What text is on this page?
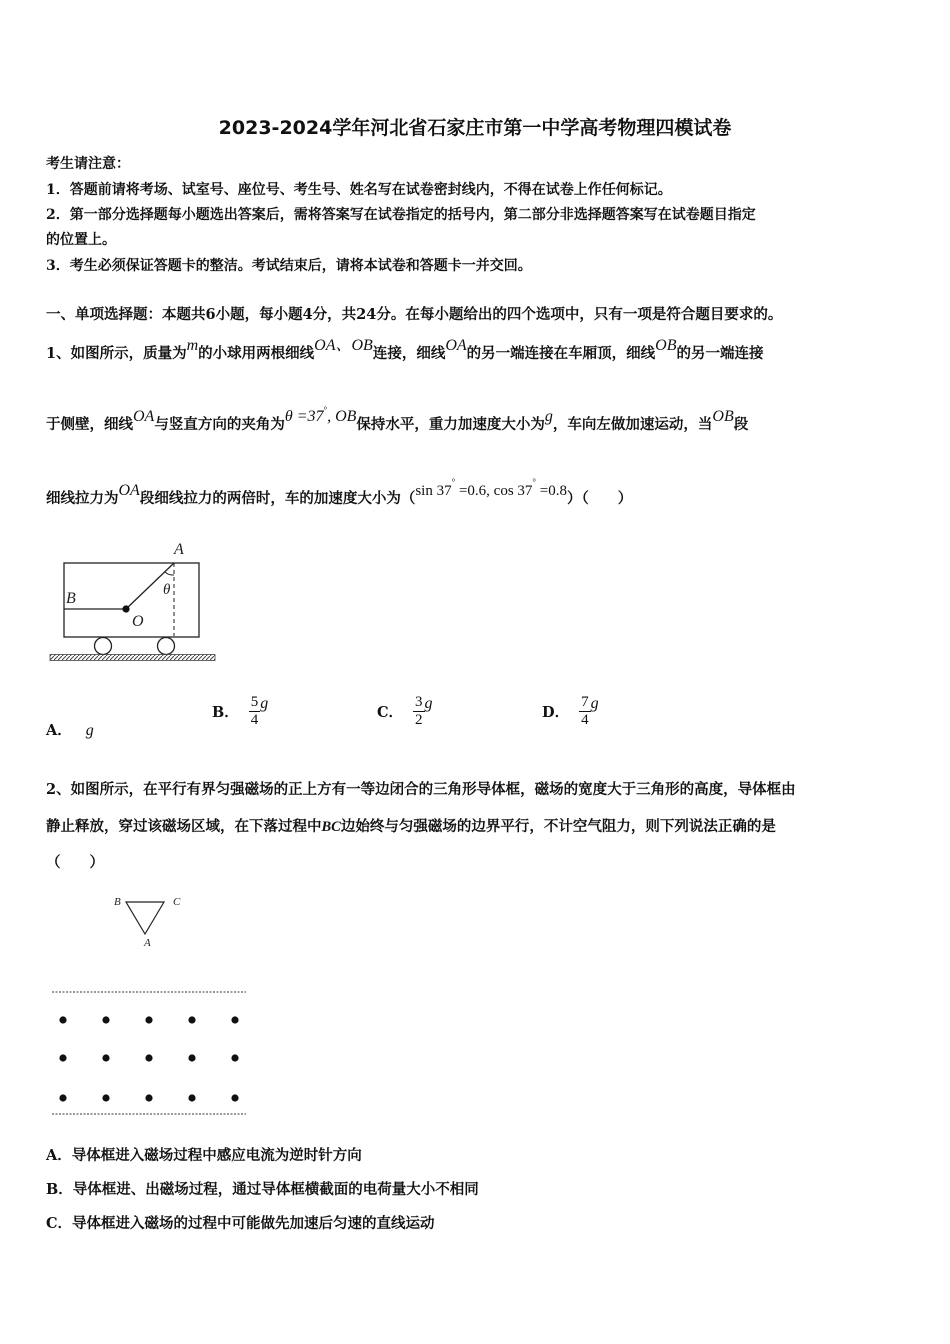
2023-2024学年河北省石家庄市第一中学高考物理四模试卷
考生请注意：
1．答题前请将考场、试室号、座位号、考生号、姓名写在试卷密封线内，不得在试卷上作任何标记。
2．第一部分选择题每小题选出答案后，需将答案写在试卷指定的括号内，第二部分非选择题答案写在试卷题目指定
的位置上。
3．考生必须保证答题卡的整洁。考试结束后，请将本试卷和答题卡一并交回。
一、单项选择题：本题共6小题，每小题4分，共24分。在每小题给出的四个选项中，只有一项是符合题目要求的。
1、如图所示，质量为m的小球用两根细线OA、OB连接，细线OA的另一端连接在车厢顶，细线OB的另一端连接
于侧壁，细线OA与竖直方向的夹角为θ =37°, OB保持水平，重力加速度大小为g，车向左做加速运动，当OB段
细线拉力为OA段细线拉力的两倍时，车的加速度大小为（sin 37° =0.6, cos 37° =0.8）（　　）
A
B
O
θ
A． g
B． $\frac{5}{4}$ g
C． $\frac{3}{2}$ g
D． $\frac{7}{4}$ g
2、如图所示，在平行有界匀强磁场的正上方有一等边闭合的三角形导体框，磁场的宽度大于三角形的高度，导体框由
静止释放，穿过该磁场区域，在下落过程中BC边始终与匀强磁场的边界平行，不计空气阻力，则下列说法正确的是
（　　）
B	C
A
A．导体框进入磁场过程中感应电流为逆时针方向
B．导体框进、出磁场过程，通过导体框横截面的电荷量大小不相同
C．导体框进入磁场的过程中可能做先加速后匀速的直线运动
